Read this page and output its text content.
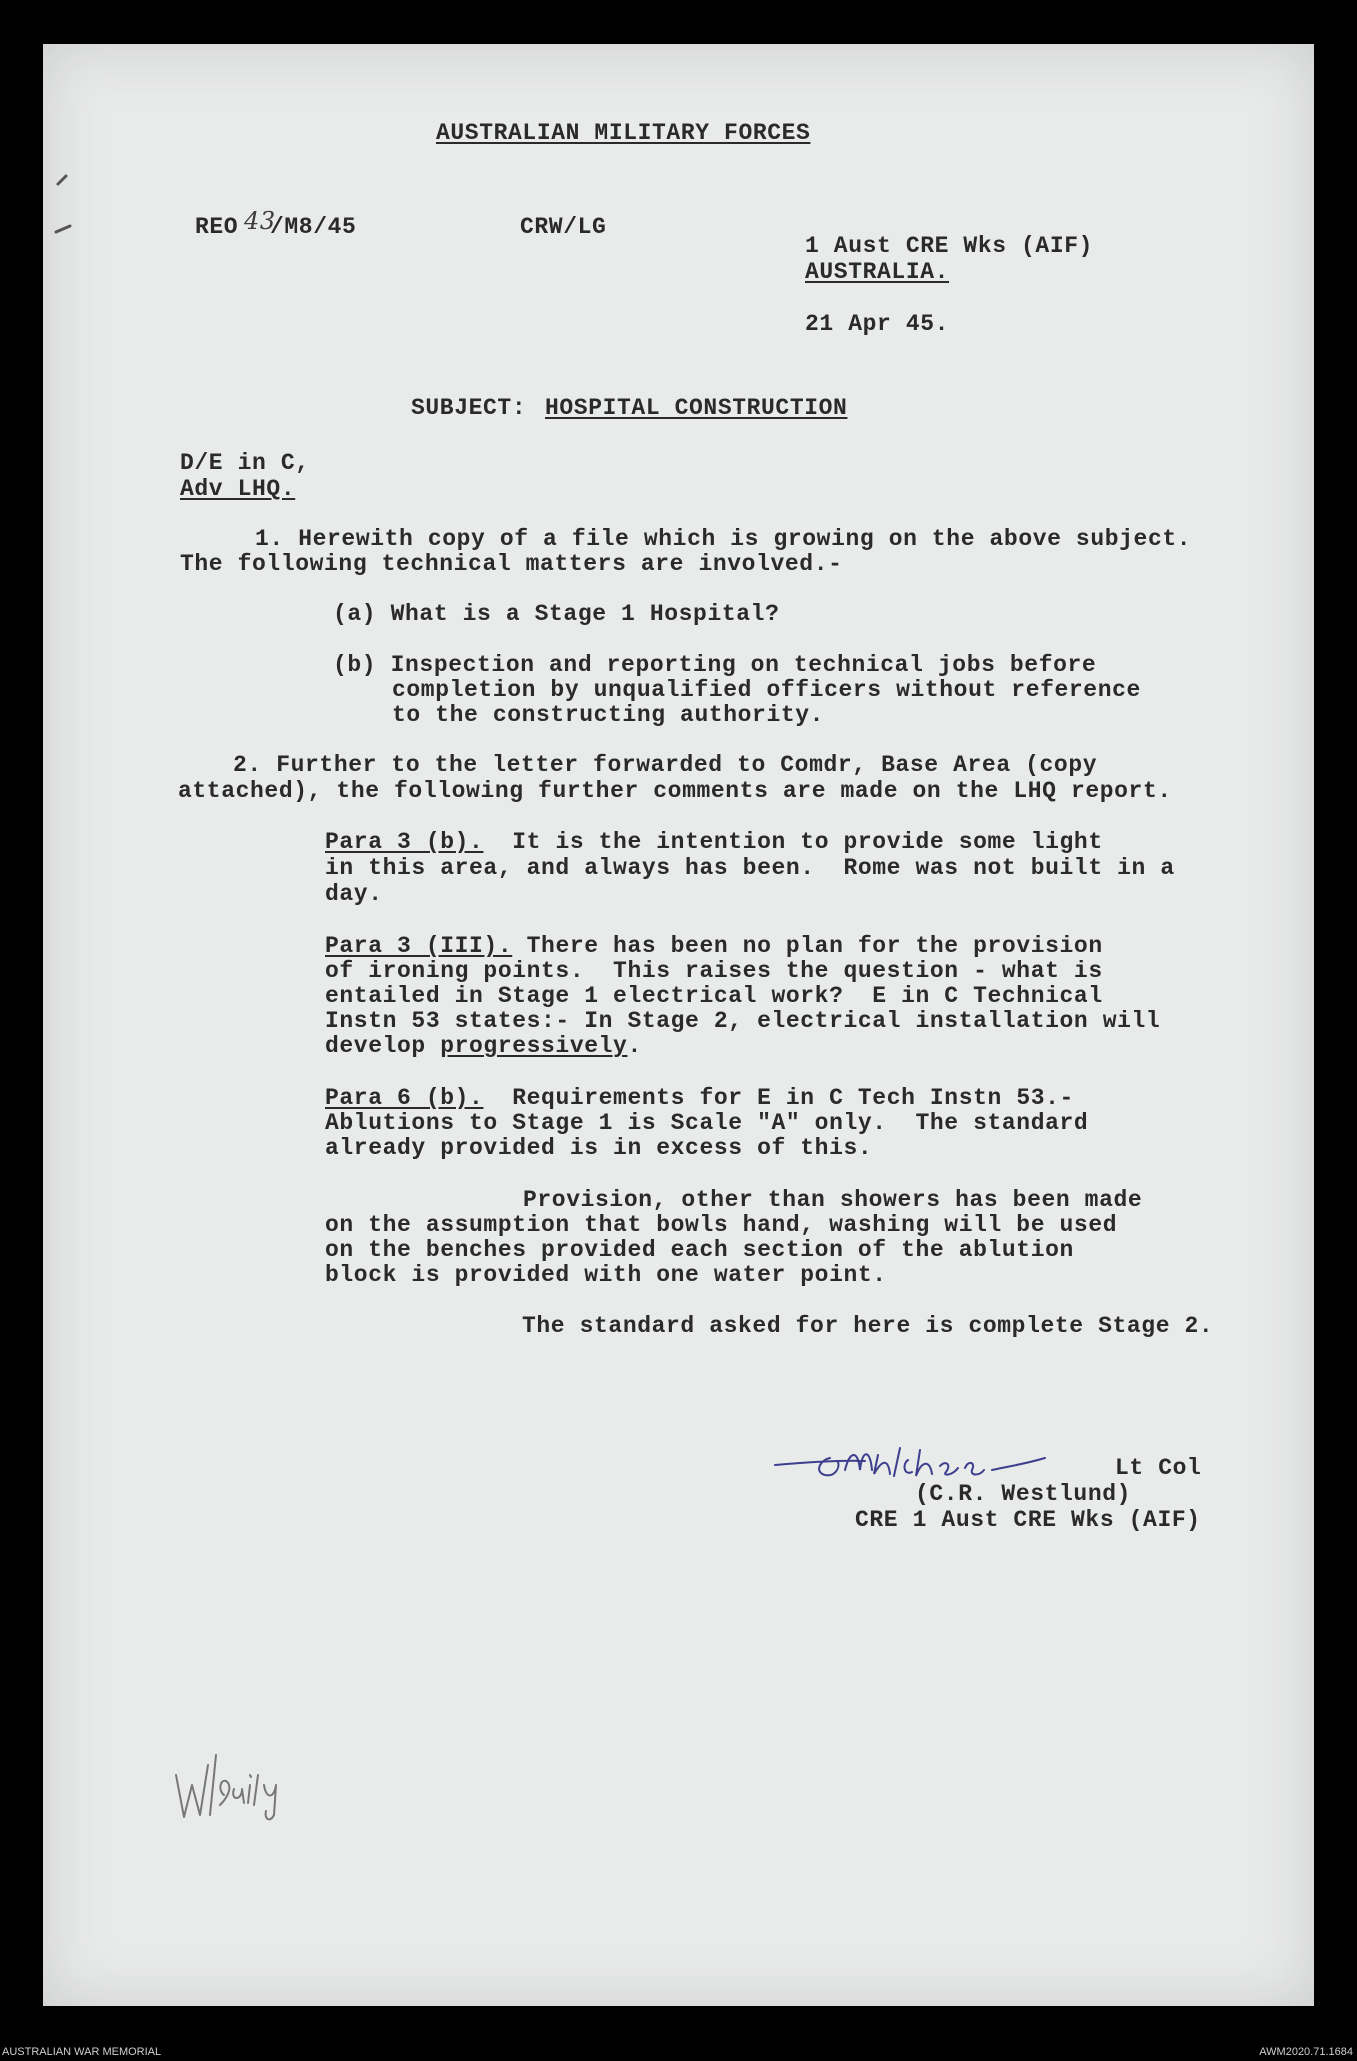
AUSTRALIAN MILITARY FORCES
REO 43
/M8/45	CRW/LG
1 Aust CRE Wks (AIF)
AUSTRALIA.
21 Apr 45.
SUBJECT: HOSPITAL CONSTRUCTION
D/E in C,
Adv LHQ.
1. Herewith copy of a file which is growing on the above subject.
The following technical matters are involved.-
(a) What is a Stage 1 Hospital?
(b) Inspection and reporting on technical jobs before
completion by unqualified officers without reference
to the constructing authority.
2. Further to the letter forwarded to Comdr, Base Area (copy
attached), the following further comments are made on the LHQ report.
Para 3 (b).  It is the intention to provide some light
in this area, and always has been.  Rome was not built in a
day.
Para 3 (III). There has been no plan for the provision
of ironing points.  This raises the question - what is
entailed in Stage 1 electrical work?  E in C Technical
Instn 53 states:- In Stage 2, electrical installation will
develop progressively.
Para 6 (b).  Requirements for E in C Tech Instn 53.-
Ablutions to Stage 1 is Scale "A" only.  The standard
already provided is in excess of this.
Provision, other than showers has been made
on the assumption that bowls hand, washing will be used
on the benches provided each section of the ablution
block is provided with one water point.
The standard asked for here is complete Stage 2.
Lt Col
(C.R. Westlund)
CRE 1 Aust CRE Wks (AIF)
AUSTRALIAN WAR MEMORIAL	AWM2020.71.1684
